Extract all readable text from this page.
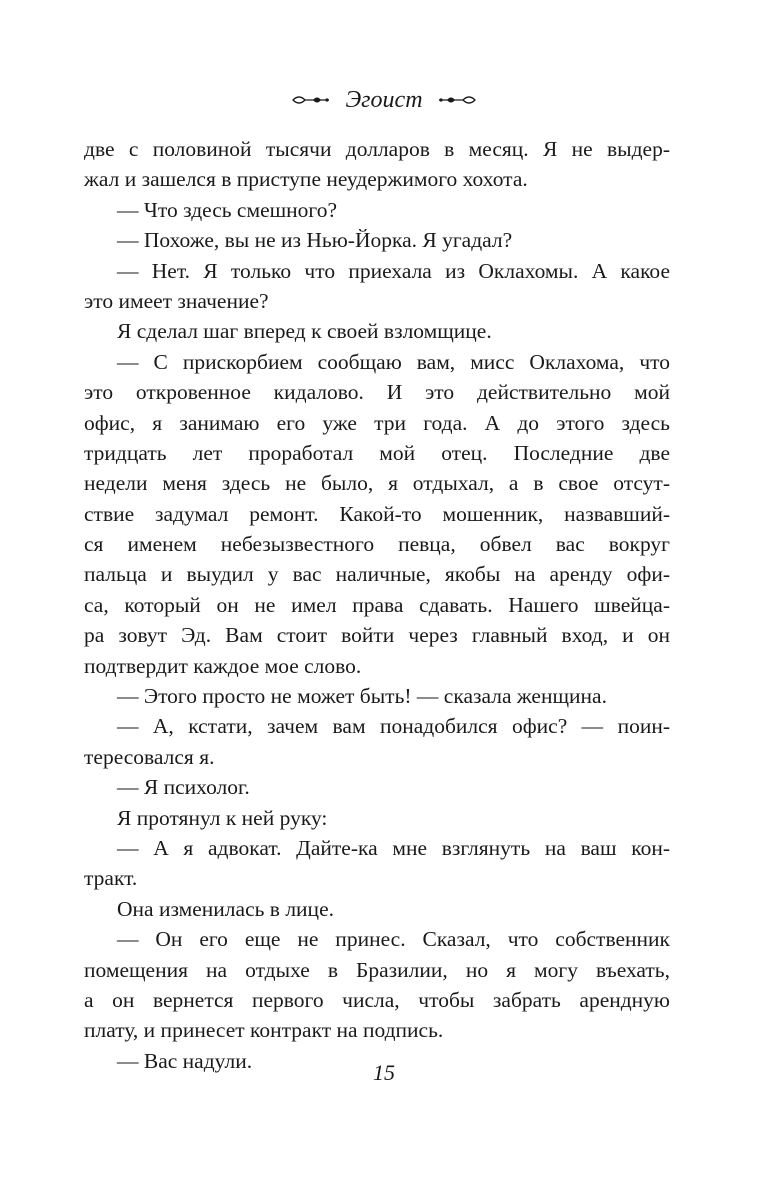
Эгоист
две с половиной тысячи долларов в месяц. Я не выдер-
жал и зашелся в приступе неудержимого хохота.
— Что здесь смешного?
— Похоже, вы не из Нью-Йорка. Я угадал?
— Нет. Я только что приехала из Оклахомы. А какое
это имеет значение?
Я сделал шаг вперед к своей взломщице.
— С прискорбием сообщаю вам, мисс Оклахома, что
это откровенное кидалово. И это действительно мой
офис, я занимаю его уже три года. А до этого здесь
тридцать лет проработал мой отец. Последние две
недели меня здесь не было, я отдыхал, а в свое отсут-
ствие задумал ремонт. Какой-то мошенник, назвавший-
ся именем небезызвестного певца, обвел вас вокруг
пальца и выудил у вас наличные, якобы на аренду офи-
са, который он не имел права сдавать. Нашего швейца-
ра зовут Эд. Вам стоит войти через главный вход, и он
подтвердит каждое мое слово.
— Этого просто не может быть! — сказала женщина.
— А, кстати, зачем вам понадобился офис? — поин-
тересовался я.
— Я психолог.
Я протянул к ней руку:
— А я адвокат. Дайте-ка мне взглянуть на ваш кон-
тракт.
Она изменилась в лице.
— Он его еще не принес. Сказал, что собственник
помещения на отдыхе в Бразилии, но я могу въехать,
а он вернется первого числа, чтобы забрать арендную
плату, и принесет контракт на подпись.
— Вас надули.	15
